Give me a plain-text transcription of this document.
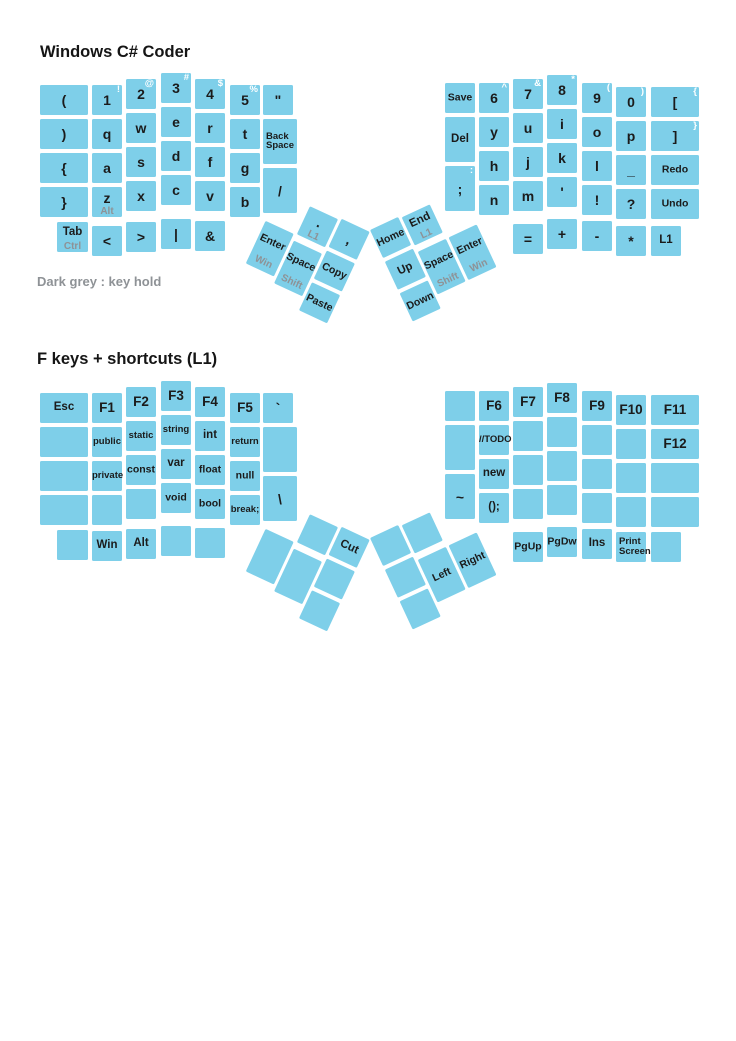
Windows C# Coder
Dark grey : key hold
F keys + shortcuts (L1)
(
)
{
}
Tab
Ctrl
1
!
q
a
z
Alt
<
2
@
w
s
x
>
3
#
e
d
c
|
4
$
r
f
v
&
5
%
t
g
b
"
Back Space
/
Save
Del
;
:
6
^
y
h
n
7
&
u
j
m
=
8
*
i
k
'
+
9
(
o
l
!
-
0
)
p
_
?
*
[
{
]
}
Redo
Undo
L1
.
L1	,
Enter
Win Space
Shift
Copy
Paste
Home
End
L1
Space
Shift
Enter
Win
Up
Down
Esc	F1
public
private
Win
F2
static
const
Alt
F3
string
var
void
F4
int
float
bool
F5
return
null
break;
`
\	~
F6
//TODO
new
();
F7
PgUp
F8
PgDw
F9
Ins
F10
Print Screen
F11
F12
Cut
Left
Right
